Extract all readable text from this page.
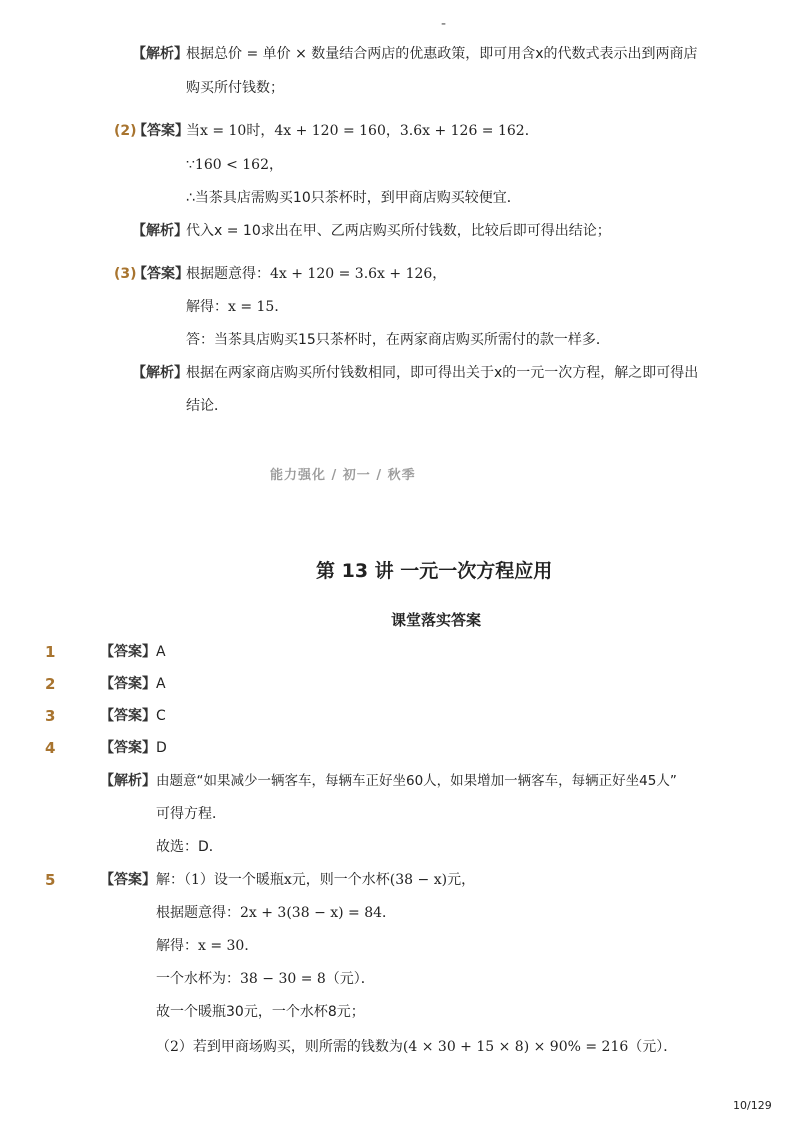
-
【解析】
根据总价 = 单价 × 数量结合两店的优惠政策，即可用含x的代数式表示出到两商店
购买所付钱数；
(2)
【答案】
当x = 10时，4x + 120 = 160，3.6x + 126 = 162．
∵160 < 162，
∴当茶具店需购买10只茶杯时，到甲商店购买较便宜．
【解析】
代入x = 10求出在甲、乙两店购买所付钱数，比较后即可得出结论；
(3)
【答案】
根据题意得：4x + 120 = 3.6x + 126，
解得：x = 15．
答：当茶具店购买15只茶杯时，在两家商店购买所需付的款一样多．
【解析】
根据在两家商店购买所付钱数相同，即可得出关于x的一元一次方程，解之即可得出
结论．
能力强化 / 初一 / 秋季
第 13 讲 一元一次方程应用
课堂落实答案
1	【答案】 A
2	【答案】 A
3	【答案】 C
4	【答案】 D
【解析】 由题意“如果减少一辆客车，每辆车正好坐60人，如果增加一辆客车，每辆正好坐45人”
可得方程．
故选：D．
5	【答案】 解：（1）设一个暖瓶x元，则一个水杯(38 − x)元，
根据题意得：2x + 3(38 − x) = 84．
解得：x = 30．
一个水杯为：38 − 30 = 8（元）．
故一个暖瓶30元，一个水杯8元；
（2）若到甲商场购买，则所需的钱数为(4 × 30 + 15 × 8) × 90% = 216（元）．
10/129
